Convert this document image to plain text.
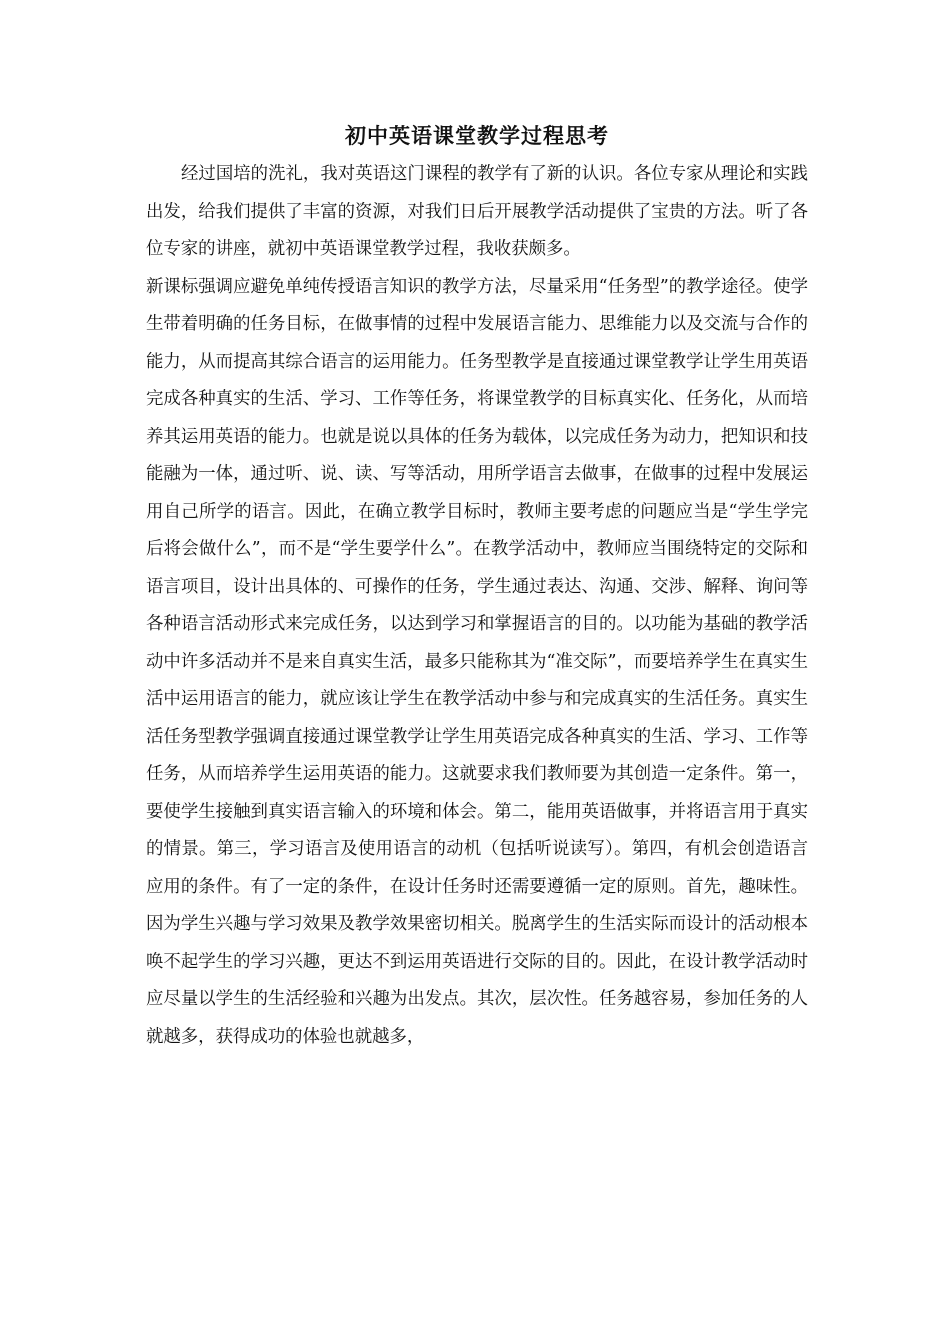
初中英语课堂教学过程思考

经过国培的洗礼，我对英语这门课程的教学有了新的认识。各位专家从理论和实践出发，给我们提供了丰富的资源，对我们日后开展教学活动提供了宝贵的方法。听了各位专家的讲座，就初中英语课堂教学过程，我收获颇多。

新课标强调应避免单纯传授语言知识的教学方法，尽量采用“任务型”的教学途径。使学生带着明确的任务目标，在做事情的过程中发展语言能力、思维能力以及交流与合作的能力，从而提高其综合语言的运用能力。任务型教学是直接通过课堂教学让学生用英语完成各种真实的生活、学习、工作等任务，将课堂教学的目标真实化、任务化，从而培养其运用英语的能力。也就是说以具体的任务为载体，以完成任务为动力，把知识和技能融为一体，通过听、说、读、写等活动，用所学语言去做事，在做事的过程中发展运用自己所学的语言。因此，在确立教学目标时，教师主要考虑的问题应当是“学生学完后将会做什么”，而不是“学生要学什么”。在教学活动中，教师应当围绕特定的交际和语言项目，设计出具体的、可操作的任务，学生通过表达、沟通、交涉、解释、询问等各种语言活动形式来完成任务，以达到学习和掌握语言的目的。以功能为基础的教学活动中许多活动并不是来自真实生活，最多只能称其为“准交际”，而要培养学生在真实生活中运用语言的能力，就应该让学生在教学活动中参与和完成真实的生活任务。真实生活任务型教学强调直接通过课堂教学让学生用英语完成各种真实的生活、学习、工作等任务，从而培养学生运用英语的能力。这就要求我们教师要为其创造一定条件。第一，要使学生接触到真实语言输入的环境和体会。第二，能用英语做事，并将语言用于真实的情景。第三，学习语言及使用语言的动机（包括听说读写）。第四，有机会创造语言应用的条件。有了一定的条件，在设计任务时还需要遵循一定的原则。首先，趣味性。因为学生兴趣与学习效果及教学效果密切相关。脱离学生的生活实际而设计的活动根本唤不起学生的学习兴趣，更达不到运用英语进行交际的目的。因此，在设计教学活动时应尽量以学生的生活经验和兴趣为出发点。其次，层次性。任务越容易，参加任务的人就越多，获得成功的体验也就越多，
